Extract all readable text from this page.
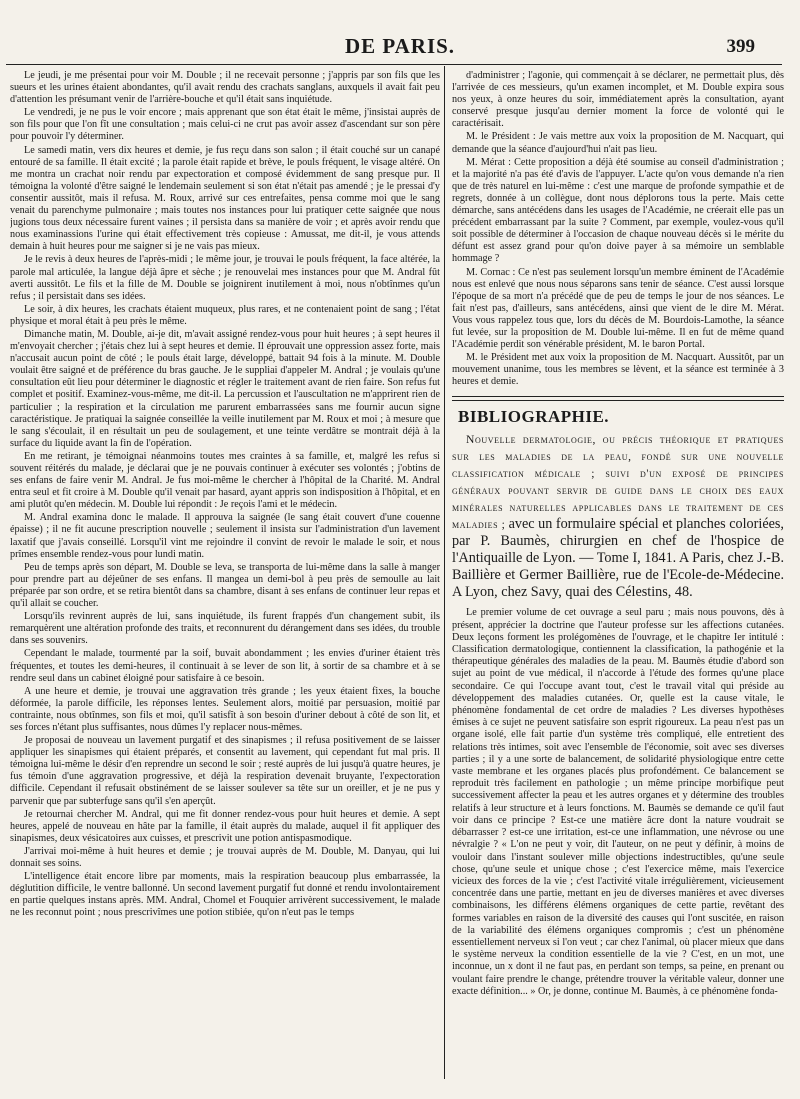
DE PARIS.	399

Le jeudi, je me présentai pour voir M. Double ; il ne recevait personne ; j'appris par son fils que les sueurs et les urines étaient abondantes, qu'il avait rendu des crachats sanglans, auxquels il avait fait peu d'attention les présumant venir de l'arrière-bouche et qu'il était sans inquiétude.

Le vendredi, je ne pus le voir encore ; mais apprenant que son état était le même, j'insistai auprès de son fils pour que l'on fît une consultation ; mais celui-ci ne crut pas avoir assez d'ascendant sur son père pour pouvoir l'y déterminer.

Le samedi matin, vers dix heures et demie, je fus reçu dans son salon ; il était couché sur un canapé entouré de sa famille. Il était excité ; la parole était rapide et brève, le pouls fréquent, le visage altéré. On me montra un crachat noir rendu par expectoration et composé évidemment de sang presque pur. Il témoigna la volonté d'être saigné le lendemain seulement si son état n'était pas amendé ; je le pressai d'y consentir aussitôt, mais il refusa. M. Roux, arrivé sur ces entrefaites, pensa comme moi que le sang venait du parenchyme pulmonaire ; mais toutes nos instances pour lui pratiquer cette saignée que nous jugions tous deux nécessaire furent vaines ; il persista dans sa manière de voir ; et après avoir rendu que nous examinassions l'urine qui était effectivement très copieuse : Amussat, me dit-il, je vous attends demain à huit heures pour me saigner si je ne vais pas mieux.

Je le revis à deux heures de l'après-midi ; le même jour, je trouvai le pouls fréquent, la face altérée, la parole mal articulée, la langue déjà âpre et sèche ; je renouvelai mes instances pour que M. Andral fût averti aussitôt. Le fils et la fille de M. Double se joignirent inutilement à moi, nous n'obtînmes qu'un refus ; il persistait dans ses idées.

Le soir, à dix heures, les crachats étaient muqueux, plus rares, et ne contenaient point de sang ; l'état physique et moral était à peu près le même.

Dimanche matin, M. Double, ai-je dit, m'avait assigné rendez-vous pour huit heures ; à sept heures il m'envoyait chercher ; j'étais chez lui à sept heures et demie. Il éprouvait une oppression assez forte, mais n'accusait aucun point de côté ; le pouls était large, développé, battait 94 fois à la minute. M. Double voulait être saigné et de préférence du bras gauche. Je le suppliai d'appeler M. Andral ; je voulais qu'une consultation eût lieu pour déterminer le diagnostic et régler le traitement avant de rien faire. Son refus fut complet et positif. Examinez-vous-même, me dit-il. La percussion et l'auscultation ne m'apprirent rien de particulier ; la respiration et la circulation me parurent embarrassées sans me fournir aucun signe caractéristique. Je pratiquai la saignée conseillée la veille inutilement par M. Roux et moi ; à mesure que le sang s'écoulait, il en résultait un peu de soulagement, et une teinte verdâtre se montrait déjà à la surface du liquide avant la fin de l'opération.

En me retirant, je témoignai néanmoins toutes mes craintes à sa famille, et, malgré les refus si souvent réitérés du malade, je déclarai que je ne pouvais continuer à exécuter ses volontés ; j'obtins de ses enfans de faire venir M. Andral. Je fus moi-même le chercher à l'hôpital de la Charité. M. Andral entra seul et fit croire à M. Double qu'il venait par hasard, ayant appris son indisposition à l'hôpital, et en ami plutôt qu'en médecin. M. Double lui répondit : Je reçois l'ami et le médecin.

M. Andral examina donc le malade. Il approuva la saignée (le sang était couvert d'une couenne épaisse) ; il ne fit aucune prescription nouvelle ; seulement il insista sur l'administration d'un lavement laxatif que j'avais conseillé. Lorsqu'il vint me rejoindre il convint de revoir le malade le soir, et nous prîmes ensemble rendez-vous pour lundi matin.

Peu de temps après son départ, M. Double se leva, se transporta de lui-même dans la salle à manger pour prendre part au déjeûner de ses enfans. Il mangea un demi-bol à peu près de semoulle au lait préparée par son ordre, et se retira bientôt dans sa chambre, disant à ses enfans de continuer leur repas et qu'il allait se coucher.

Lorsqu'ils revinrent auprès de lui, sans inquiétude, ils furent frappés d'un changement subit, ils remarquèrent une altération profonde des traits, et reconnurent du dérangement dans ses idées, du trouble dans ses souvenirs.

Cependant le malade, tourmenté par la soif, buvait abondamment ; les envies d'uriner étaient très fréquentes, et toutes les demi-heures, il continuait à se lever de son lit, à sortir de sa chambre et à se rendre seul dans un cabinet éloigné pour satisfaire à ce besoin.

A une heure et demie, je trouvai une aggravation très grande ; les yeux étaient fixes, la bouche déformée, la parole difficile, les réponses lentes. Seulement alors, moitié par persuasion, moitié par contrainte, nous obtînmes, son fils et moi, qu'il satisfît à son besoin d'uriner debout à côté de son lit, et ses forces n'étant plus suffisantes, nous dûmes l'y replacer nous-mêmes.

Je proposai de nouveau un lavement purgatif et des sinapismes ; il refusa positivement de se laisser appliquer les sinapismes qui étaient préparés, et consentit au lavement, qui cependant fut mal pris. Il témoigna lui-même le désir d'en reprendre un second le soir ; resté auprès de lui jusqu'à quatre heures, je fus témoin d'une aggravation progressive, et déjà la respiration devenait bruyante, l'expectoration difficile. Cependant il refusait obstinément de se laisser soulever sa tête sur un oreiller, et je ne pus y parvenir que par subterfuge sans qu'il s'en aperçût.

Je retournai chercher M. Andral, qui me fit donner rendez-vous pour huit heures et demie. A sept heures, appelé de nouveau en hâte par la famille, il était auprès du malade, auquel il fit appliquer des sinapismes, deux vésicatoires aux cuisses, et prescrivit une potion antispasmodique.

J'arrivai moi-même à huit heures et demie ; je trouvai auprès de M. Double, M. Danyau, qui lui donnait ses soins.

L'intelligence était encore libre par moments, mais la respiration beaucoup plus embarrassée, la déglutition difficile, le ventre ballonné. Un second lavement purgatif fut donné et rendu involontairement en partie quelques instans après. MM. Andral, Chomel et Fouquier arrivèrent successivement, le malade ne les reconnut point ; nous prescrivîmes une potion stibiée, qu'on n'eut pas le temps

d'administrer ; l'agonie, qui commençait à se déclarer, ne permettait plus, dès l'arrivée de ces messieurs, qu'un examen incomplet, et M. Double expira sous nos yeux, à onze heures du soir, immédiatement après la consultation, ayant conservé presque jusqu'au dernier moment la force de volonté qui le caractérisait.

M. le Président : Je vais mettre aux voix la proposition de M. Nacquart, qui demande que la séance d'aujourd'hui n'ait pas lieu.

M. Mérat : Cette proposition a déjà été soumise au conseil d'administration ; et la majorité n'a pas été d'avis de l'appuyer. L'acte qu'on vous demande n'a rien que de très naturel en lui-même : c'est une marque de profonde sympathie et de regrets, donnée à un collègue, dont nous déplorons tous la perte. Mais cette démarche, sans antécédens dans les usages de l'Académie, ne créerait elle pas un précédent embarrassant par la suite ? Comment, par exemple, voulez-vous qu'il soit possible de déterminer à l'occasion de chaque nouveau décès si le mérite du défunt est assez grand pour qu'on doive payer à sa mémoire un semblable hommage ?

M. Cornac : Ce n'est pas seulement lorsqu'un membre éminent de l'Académie nous est enlevé que nous nous séparons sans tenir de séance. C'est aussi lorsque l'époque de sa mort n'a précédé que de peu de temps le jour de nos séances. Le fait n'est pas, d'ailleurs, sans antécédens, ainsi que vient de le dire M. Mérat. Vous vous rappelez tous que, lors du décès de M. Bourdois-Lamothe, la séance fut levée, sur la proposition de M. Double lui-même. Il en fut de même quand l'Académie perdit son vénérable président, M. le baron Portal.

M. le Président met aux voix la proposition de M. Nacquart. Aussitôt, par un mouvement unanime, tous les membres se lèvent, et la séance est terminée à 3 heures et demie.

BIBLIOGRAPHIE.

Nouvelle dermatologie, ou précis théorique et pratiques sur les maladies de la peau, fondé sur une nouvelle classification médicale ; suivi d'un exposé de principes généraux pouvant servir de guide dans le choix des eaux minérales naturelles applicables dans le traitement de ces maladies ; avec un formulaire spécial et planches coloriées, par P. Baumès, chirurgien en chef de l'hospice de l'Antiquaille de Lyon. — Tome I, 1841. A Paris, chez J.-B. Baillière et Germer Baillière, rue de l'Ecole-de-Médecine. A Lyon, chez Savy, quai des Célestins, 48.

Le premier volume de cet ouvrage a seul paru ; mais nous pouvons, dès à présent, apprécier la doctrine que l'auteur professe sur les affections cutanées. Deux leçons forment les prolégomènes de l'ouvrage, et le chapitre Ier intitulé : Classification dermatologique, contiennent la classification, la pathogénie et la thérapeutique générales des maladies de la peau. M. Baumès étudie d'abord son sujet au point de vue médical, il n'accorde à l'étude des formes qu'une place secondaire. Ce qui l'occupe avant tout, c'est le travail vital qui préside au développement des maladies cutanées. Or, quelle est la cause vitale, le phénomène fondamental de cet ordre de maladies ? Les diverses hypothèses émises à ce sujet ne peuvent satisfaire son esprit rigoureux. La peau n'est pas un organe isolé, elle fait partie d'un système très compliqué, elle entretient des relations très intimes, soit avec l'ensemble de l'économie, soit avec ses diverses parties ; il y a une sorte de balancement, de solidarité physiologique entre cette vaste membrane et les organes placés plus profondément. Ce balancement se reproduit très facilement en pathologie ; un même principe morbifique peut successivement affecter la peau et les autres organes et y détermine des troubles relatifs à leur structure et à leurs fonctions. M. Baumès se demande ce qu'il faut voir dans ce principe ? Est-ce une matière âcre dont la nature voudrait se débarrasser ? est-ce une irritation, est-ce une inflammation, une névrose ou une névralgie ? « L'on ne peut y voir, dit l'auteur, on ne peut y définir, à moins de vouloir dans l'instant soulever mille objections indestructibles, qu'une seule chose, qu'une seule et unique chose ; c'est l'exercice même, mais l'exercice vicieux des forces de la vie ; c'est l'activité vitale irrégulièrement, vicieusement concentrée dans une partie, mettant en jeu de diverses manières et avec diverses combinaisons, les différens élémens organiques de cette partie, revêtant des formes variables en raison de la diversité des causes qui l'ont suscitée, en raison de la variabilité des élémens organiques compromis ; c'est un phénomène essentiellement nerveux si l'on veut ; car chez l'animal, où placer mieux que dans le système nerveux la condition essentielle de la vie ? C'est, en un mot, une inconnue, un x dont il ne faut pas, en perdant son temps, sa peine, en prenant ou voulant faire prendre le change, prétendre trouver la véritable valeur, donner une exacte définition... » Or, je donne, continue M. Baumès, à ce phénomène fonda-
